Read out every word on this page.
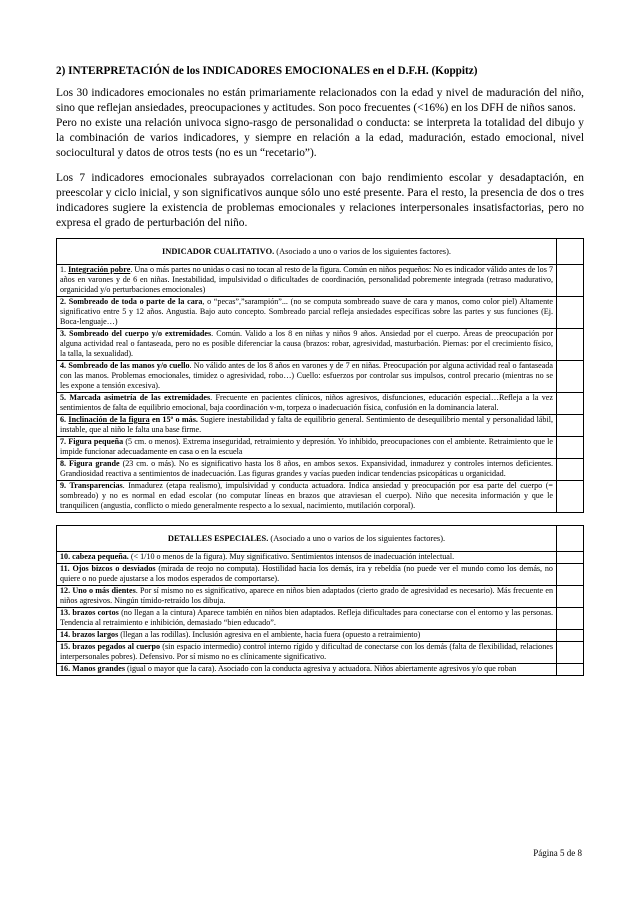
2) INTERPRETACIÓN de los INDICADORES EMOCIONALES en el D.F.H. (Koppitz)

Los 30 indicadores emocionales no están primariamente relacionados con la edad y nivel de maduración del niño, sino que reflejan ansiedades, preocupaciones y actitudes. Son poco frecuentes (<16%) en los DFH de niños sanos.

Pero no existe una relación univoca signo-rasgo de personalidad o conducta: se interpreta la totalidad del dibujo y la combinación de varios indicadores, y siempre en relación a la edad, maduración, estado emocional, nivel sociocultural y datos de otros tests (no es un “recetario”).

Los 7 indicadores emocionales subrayados correlacionan con bajo rendimiento escolar y desadaptación, en preescolar y ciclo inicial, y son significativos aunque sólo uno esté presente. Para el resto, la presencia de dos o tres indicadores sugiere la existencia de problemas emocionales y relaciones interpersonales insatisfactorias, pero no expresa el grado de perturbación del niño.

INDICADOR CUALITATIVO. (Asociado a uno o varios de los siguientes factores).	
1. Integración pobre. Una o más partes no unidas o casi no tocan al resto de la figura. Común en niños pequeños: No es indicador válido antes de los 7 años en varones y de 6 en niñas. Inestabilidad, impulsividad o dificultades de coordinación, personalidad pobremente integrada (retraso madurativo, organicidad y/o perturbaciones emocionales)	
2. Sombreado de toda o parte de la cara, o “pecas”,”sarampión”... (no se computa sombreado suave de cara y manos, como color piel) Altamente significativo entre 5 y 12 años. Angustia. Bajo auto concepto. Sombreado parcial refleja ansiedades específicas sobre las partes y sus funciones (Ej. Boca-lenguaje…)	
3. Sombreado del cuerpo y/o extremidades. Común. Valido a los 8 en niñas y niños 9 años. Ansiedad por el cuerpo. Áreas de preocupación por alguna actividad real o fantaseada, pero no es posible diferenciar la causa (brazos: robar, agresividad, masturbación. Piernas: por el crecimiento físico, la talla, la sexualidad).	
4. Sombreado de las manos y/o cuello. No válido antes de los 8 años en varones y de 7 en niñas. Preocupación por alguna actividad real o fantaseada con las manos. Problemas emocionales, timidez o agresividad, robo…) Cuello: esfuerzos por controlar sus impulsos, control precario (mientras no se les expone a tensión excesiva).	
5. Marcada asimetría de las extremidades. Frecuente en pacientes clínicos, niños agresivos, disfunciones, educación especial…Refleja a la vez sentimientos de falta de equilibrio emocional, baja coordinación v-m, torpeza o inadecuación física, confusión en la dominancia lateral.	
6. Inclinación de la figura en 15º o más. Sugiere inestabilidad y falta de equilibrio general. Sentimiento de desequilibrio mental y personalidad lábil, instable, que al niño le falta una base firme.	
7. Figura pequeña (5 cm. o menos). Extrema inseguridad, retraimiento y depresión. Yo inhibido, preocupaciones con el ambiente. Retraimiento que le impide funcionar adecuadamente en casa o en la escuela	
8. Figura grande (23 cm. o más). No es significativo hasta los 8 años, en ambos sexos. Expansividad, inmadurez y controles internos deficientes. Grandiosidad reactiva a sentimientos de inadecuación. Las figuras grandes y vacías pueden indicar tendencias psicopáticas u organicidad.	
9. Transparencias. Inmadurez (etapa realismo), impulsividad y conducta actuadora. Indica ansiedad y preocupación por esa parte del cuerpo (= sombreado) y no es normal en edad escolar (no computar líneas en brazos que atraviesan el cuerpo). Niño que necesita información y que le tranquilicen (angustia, conflicto o miedo generalmente respecto a lo sexual, nacimiento, mutilación corporal).	
DETALLES ESPECIALES. (Asociado a uno o varios de los siguientes factores).	
10. cabeza pequeña. (< 1/10 o menos de la figura). Muy significativo. Sentimientos intensos de inadecuación intelectual.	
11. Ojos bizcos o desviados (mirada de reojo no computa). Hostilidad hacia los demás, ira y rebeldía (no puede ver el mundo como los demás, no quiere o no puede ajustarse a los modos esperados de comportarse).	
12. Uno o más dientes. Por sí mismo no es significativo, aparece en niños bien adaptados (cierto grado de agresividad es necesario). Más frecuente en niños agresivos. Ningún tímido-retraído los dibuja.	
13. brazos cortos (no llegan a la cintura) Aparece también en niños bien adaptados. Refleja dificultades para conectarse con el entorno y las personas. Tendencia al retraimiento e inhibición, demasiado “bien educado”.	
14. brazos largos (llegan a las rodillas). Inclusión agresiva en el ambiente, hacia fuera (opuesto a retraimiento)	
15. brazos pegados al cuerpo (sin espacio intermedio) control interno rígido y dificultad de conectarse con los demás (falta de flexibilidad, relaciones interpersonales pobres). Defensivo. Por sí mismo no es clínicamente significativo.	
16. Manos grandes (igual o mayor que la cara). Asociado con la conducta agresiva y actuadora. Niños abiertamente agresivos y/o que roban	
Página 5 de 8
